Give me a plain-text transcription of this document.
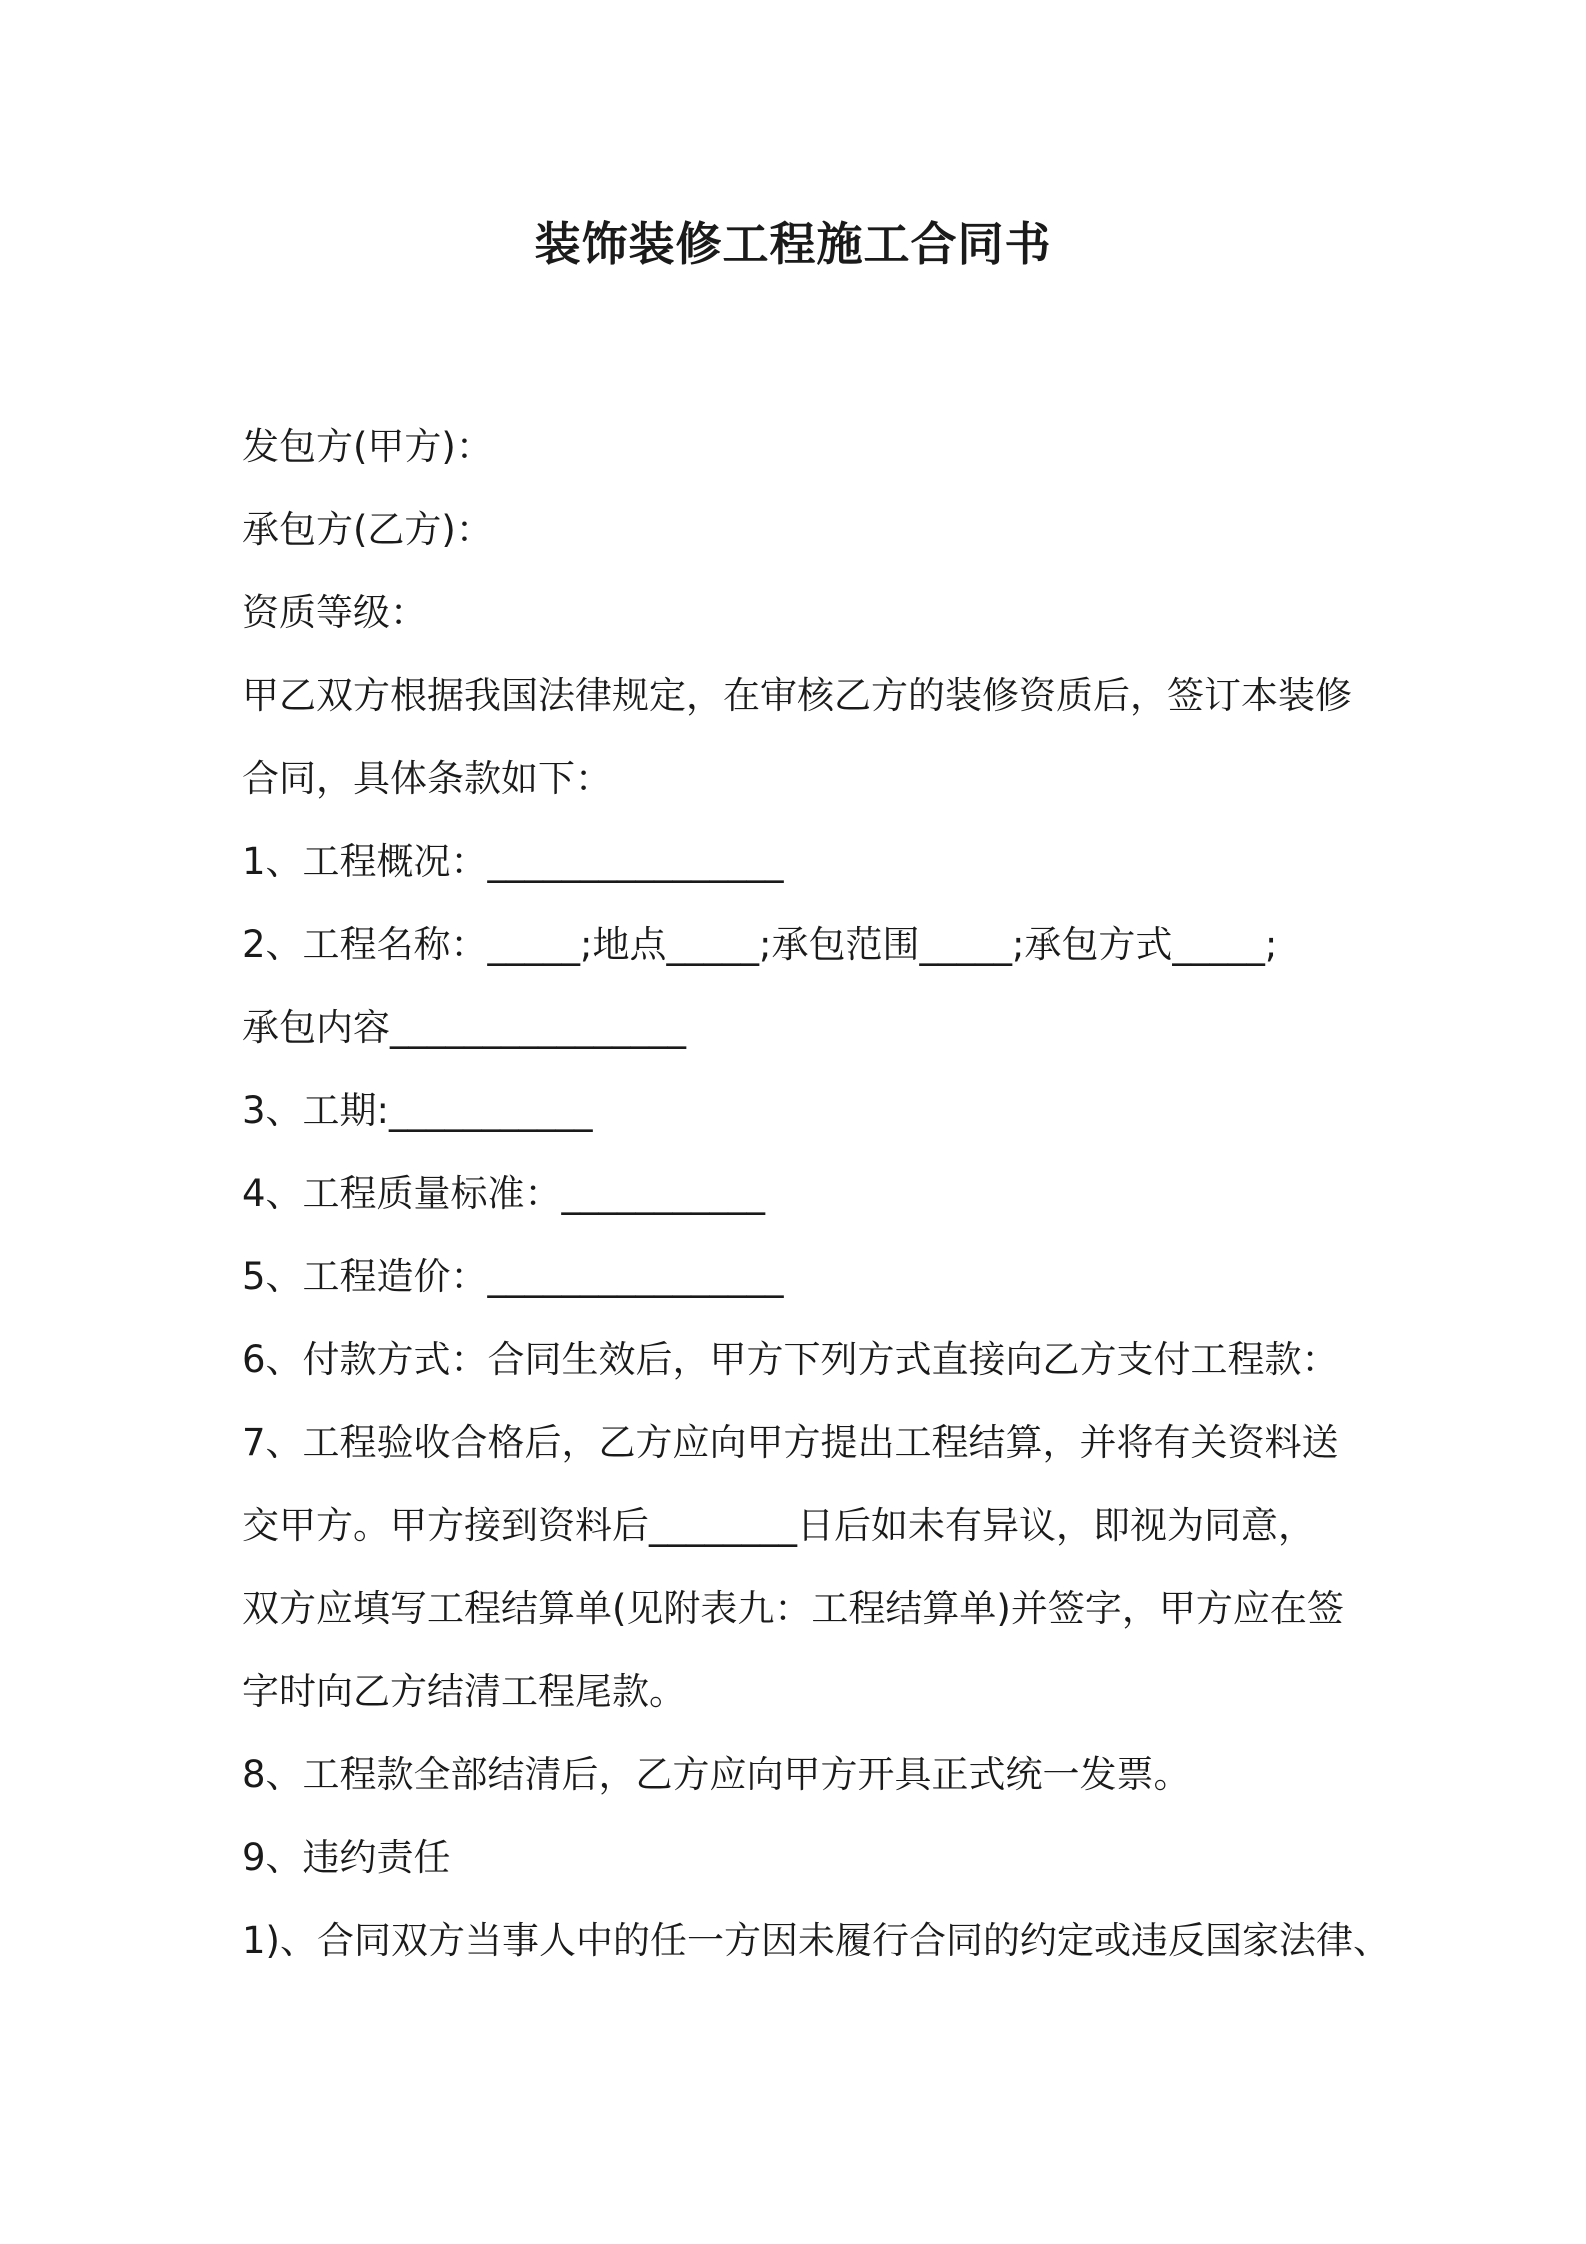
装饰装修工程施工合同书
发包方(甲方)：
承包方(乙方)：
资质等级：
甲乙双方根据我国法律规定，在审核乙方的装修资质后，签订本装修
合同，具体条款如下：
1、工程概况：________________
2、工程名称：_____;地点_____;承包范围_____;承包方式_____;
承包内容________________
3、工期:___________
4、工程质量标准：___________
5、工程造价：________________
6、付款方式：合同生效后，甲方下列方式直接向乙方支付工程款：
7、工程验收合格后，乙方应向甲方提出工程结算，并将有关资料送
交甲方。甲方接到资料后________日后如未有异议，即视为同意，
双方应填写工程结算单(见附表九：工程结算单)并签字，甲方应在签
字时向乙方结清工程尾款。
8、工程款全部结清后，乙方应向甲方开具正式统一发票。
9、违约责任
1)、合同双方当事人中的任一方因未履行合同的约定或违反国家法律、
